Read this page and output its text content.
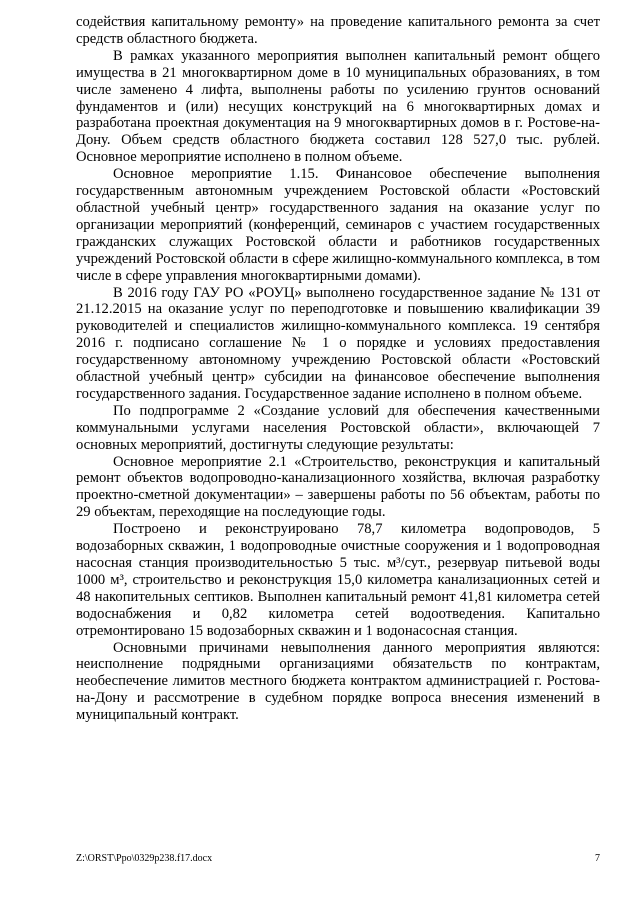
содействия капитальному ремонту» на проведение капитального ремонта за счет средств областного бюджета.

В рамках указанного мероприятия выполнен капитальный ремонт общего имущества в 21 многоквартирном доме в 10 муниципальных образованиях, в том числе заменено 4 лифта, выполнены работы по усилению грунтов оснований фундаментов и (или) несущих конструкций на 6 многоквартирных домах и разработана проектная документация на 9 многоквартирных домов в г. Ростове-на-Дону. Объем средств областного бюджета составил 128 527,0 тыс. рублей. Основное мероприятие исполнено в полном объеме.

Основное мероприятие 1.15. Финансовое обеспечение выполнения государственным автономным учреждением Ростовской области «Ростовский областной учебный центр» государственного задания на оказание услуг по организации мероприятий (конференций, семинаров с участием государственных гражданских служащих Ростовской области и работников государственных учреждений Ростовской области в сфере жилищно-коммунального комплекса, в том числе в сфере управления многоквартирными домами).

В 2016 году ГАУ РО «РОУЦ» выполнено государственное задание № 131 от 21.12.2015 на оказание услуг по переподготовке и повышению квалификации 39 руководителей и специалистов жилищно-коммунального комплекса. 19 сентября 2016 г. подписано соглашение № 1 о порядке и условиях предоставления государственному автономному учреждению Ростовской области «Ростовский областной учебный центр» субсидии на финансовое обеспечение выполнения государственного задания. Государственное задание исполнено в полном объеме.

По подпрограмме 2 «Создание условий для обеспечения качественными коммунальными услугами населения Ростовской области», включающей 7 основных мероприятий, достигнуты следующие результаты:

Основное мероприятие 2.1 «Строительство, реконструкция и капитальный ремонт объектов водопроводно-канализационного хозяйства, включая разработку проектно-сметной документации» – завершены работы по 56 объектам, работы по 29 объектам, переходящие на последующие годы.

Построено и реконструировано 78,7 километра водопроводов, 5 водозаборных скважин, 1 водопроводные очистные сооружения и 1 водопроводная насосная станция производительностью 5 тыс. м³/сут., резервуар питьевой воды 1000 м³, строительство и реконструкция 15,0 километра канализационных сетей и 48 накопительных септиков. Выполнен капитальный ремонт 41,81 километра сетей водоснабжения и 0,82 километра сетей водоотведения. Капитально отремонтировано 15 водозаборных скважин и 1 водонасосная станция.

Основными причинами невыполнения данного мероприятия являются: неисполнение подрядными организациями обязательств по контрактам, необеспечение лимитов местного бюджета контрактом администрацией г. Ростова-на-Дону и рассмотрение в судебном порядке вопроса внесения изменений в муниципальный контракт.

Z:\ORST\Ppo\0329p238.f17.docx	7
